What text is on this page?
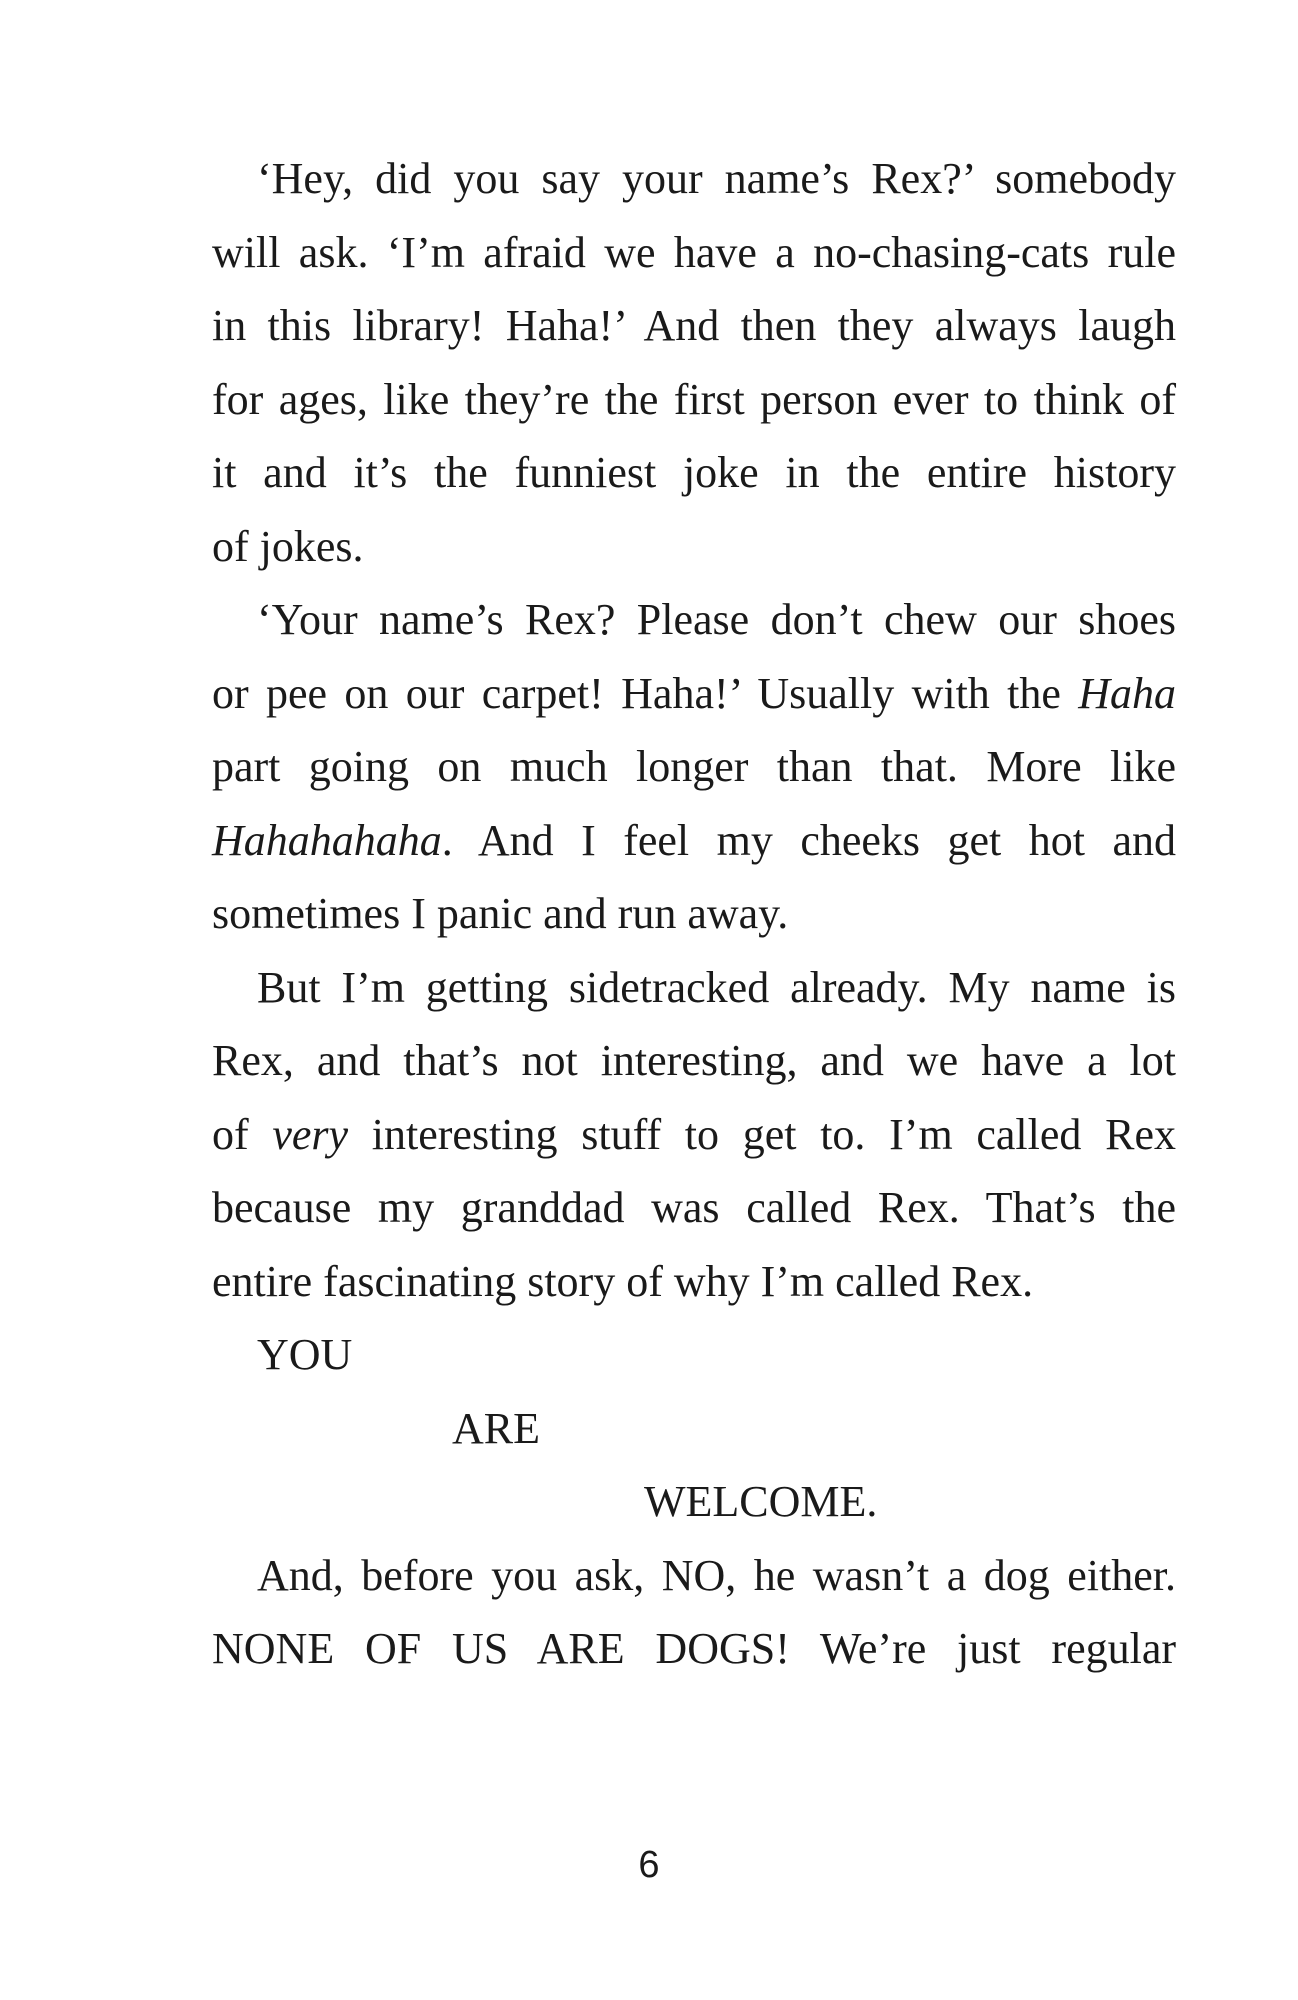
‘Hey, did you say your name’s Rex?’ somebody
will ask. ‘I’m afraid we have a no-chasing-cats rule
in this library! Haha!’ And then they always laugh
for ages, like they’re the first person ever to think of
it and it’s the funniest joke in the entire history
of jokes.

‘Your name’s Rex? Please don’t chew our shoes
or pee on our carpet! Haha!’ Usually with the Haha
part going on much longer than that. More like
Hahahahaha. And I feel my cheeks get hot and
sometimes I panic and run away.

But I’m getting sidetracked already. My name is
Rex, and that’s not interesting, and we have a lot
of very interesting stuff to get to. I’m called Rex
because my granddad was called Rex. That’s the
entire fascinating story of why I’m called Rex.

YOU
ARE
WELCOME.

And, before you ask, NO, he wasn’t a dog either.
NONE OF US ARE DOGS! We’re just regular

6
